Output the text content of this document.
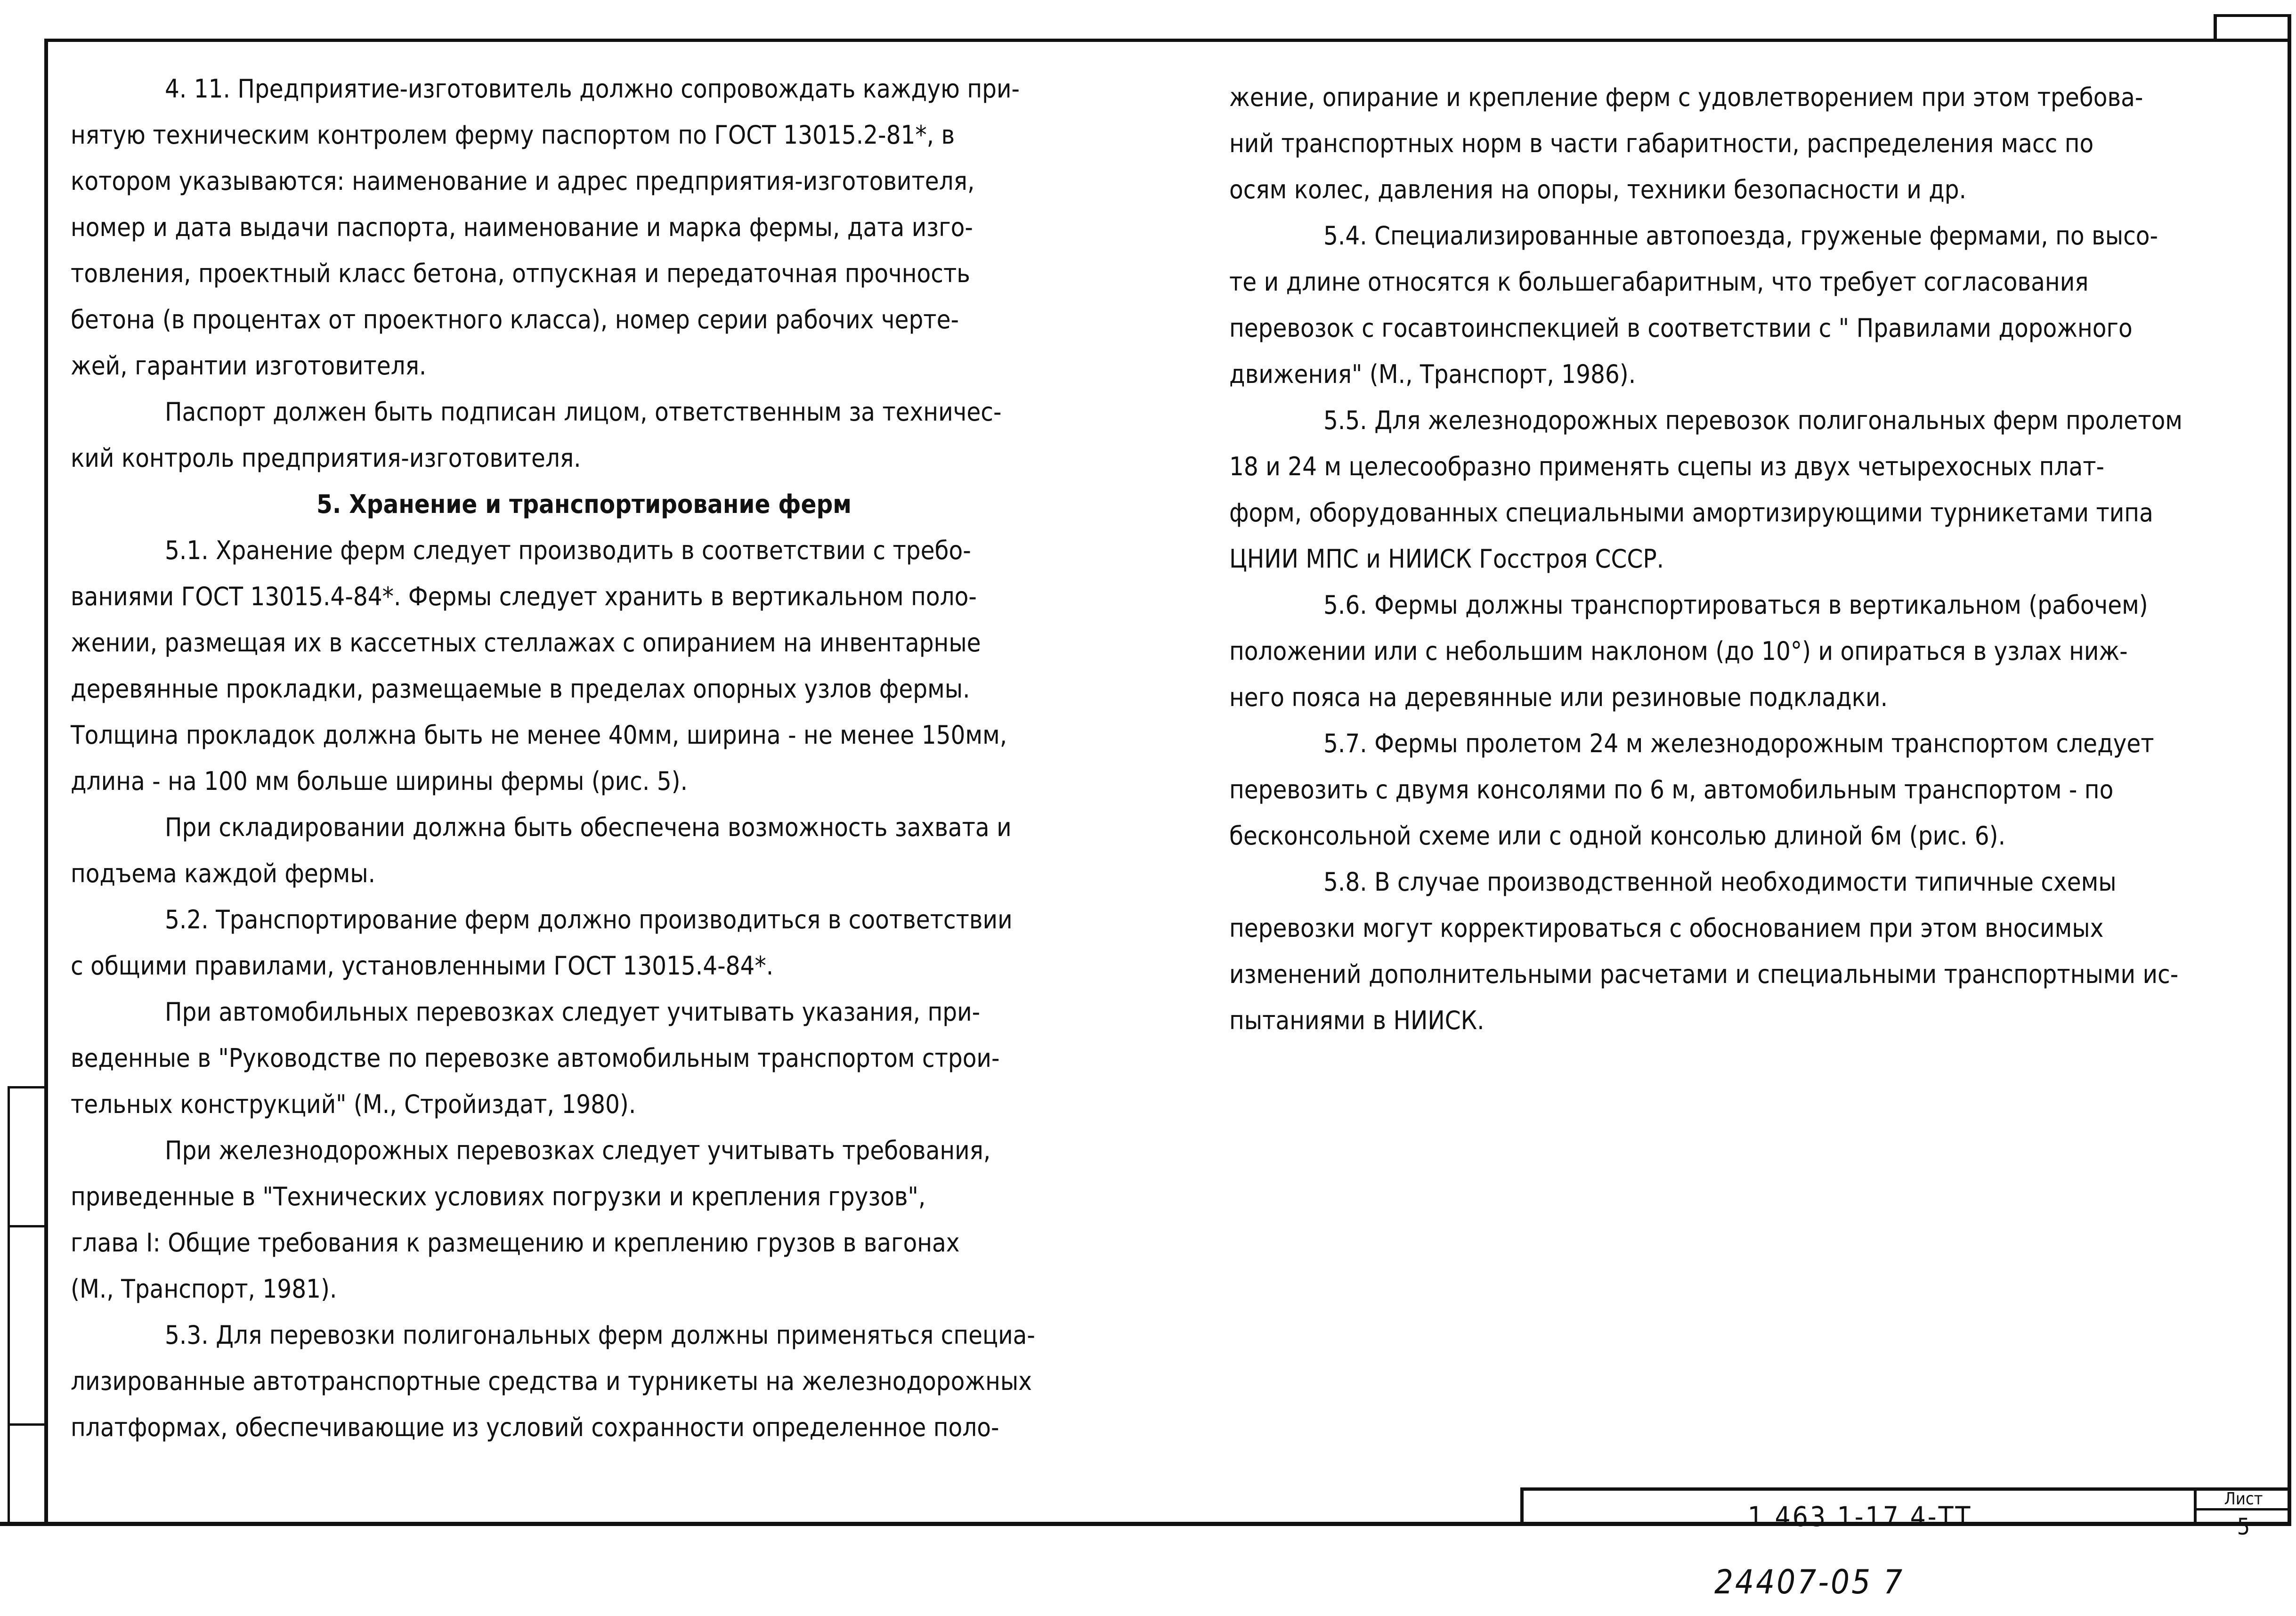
4. 11. Предприятие-изготовитель должно сопровождать каждую при-
нятую техническим контролем ферму паспортом по ГОСТ 13015.2-81*, в
котором указываются: наименование и адрес предприятия-изготовителя,
номер и дата выдачи паспорта, наименование и марка фермы, дата изго-
товления, проектный класс бетона, отпускная и передаточная прочность
бетона (в процентах от проектного класса), номер серии рабочих черте-
жей, гарантии изготовителя.
Паспорт должен быть подписан лицом, ответственным за техничес-
кий контроль предприятия-изготовителя.
5. Хранение и транспортирование ферм
5.1. Хранение ферм следует производить в соответствии с требо-
ваниями ГОСТ 13015.4-84*. Фермы следует хранить в вертикальном поло-
жении, размещая их в кассетных стеллажах с опиранием на инвентарные
деревянные прокладки, размещаемые в пределах опорных узлов фермы.
Толщина прокладок должна быть не менее 40мм, ширина - не менее 150мм,
длина - на 100 мм больше ширины фермы (рис. 5).
При складировании должна быть обеспечена возможность захвата и
подъема каждой фермы.
5.2. Транспортирование ферм должно производиться в соответствии
с общими правилами, установленными ГОСТ 13015.4-84*.
При автомобильных перевозках следует учитывать указания, при-
веденные в "Руководстве по перевозке автомобильным транспортом строи-
тельных конструкций" (М., Стройиздат, 1980).
При железнодорожных перевозках следует учитывать требования,
приведенные в "Технических условиях погрузки и крепления грузов",
глава I: Общие требования к размещению и креплению грузов в вагонах
(М., Транспорт, 1981).
5.3. Для перевозки полигональных ферм должны применяться специа-
лизированные автотранспортные средства и турникеты на железнодорожных
платформах, обеспечивающие из условий сохранности определенное поло-
жение, опирание и крепление ферм с удовлетворением при этом требова-
ний транспортных норм в части габаритности, распределения масс по
осям колес, давления на опоры, техники безопасности и др.
5.4. Специализированные автопоезда, груженые фермами, по высо-
те и длине относятся к большегабаритным, что требует согласования
перевозок с госавтоинспекцией в соответствии с " Правилами дорожного
движения" (М., Транспорт, 1986).
5.5. Для железнодорожных перевозок полигональных ферм пролетом
18 и 24 м целесообразно применять сцепы из двух четырехосных плат-
форм, оборудованных специальными амортизирующими турникетами типа
ЦНИИ МПС и НИИСК Госстроя СССР.
5.6. Фермы должны транспортироваться в вертикальном (рабочем)
положении или с небольшим наклоном (до 10°) и опираться в узлах ниж-
него пояса на деревянные или резиновые подкладки.
5.7. Фермы пролетом 24 м железнодорожным транспортом следует
перевозить с двумя консолями по 6 м, автомобильным транспортом - по
бесконсольной схеме или с одной консолью длиной 6м (рис. 6).
5.8. В случае производственной необходимости типичные схемы
перевозки могут корректироваться с обоснованием при этом вносимых
изменений дополнительными расчетами и специальными транспортными ис-
пытаниями в НИИСК.
1.463.1-17.4-ТТ
Лист
5
24407-05 7
